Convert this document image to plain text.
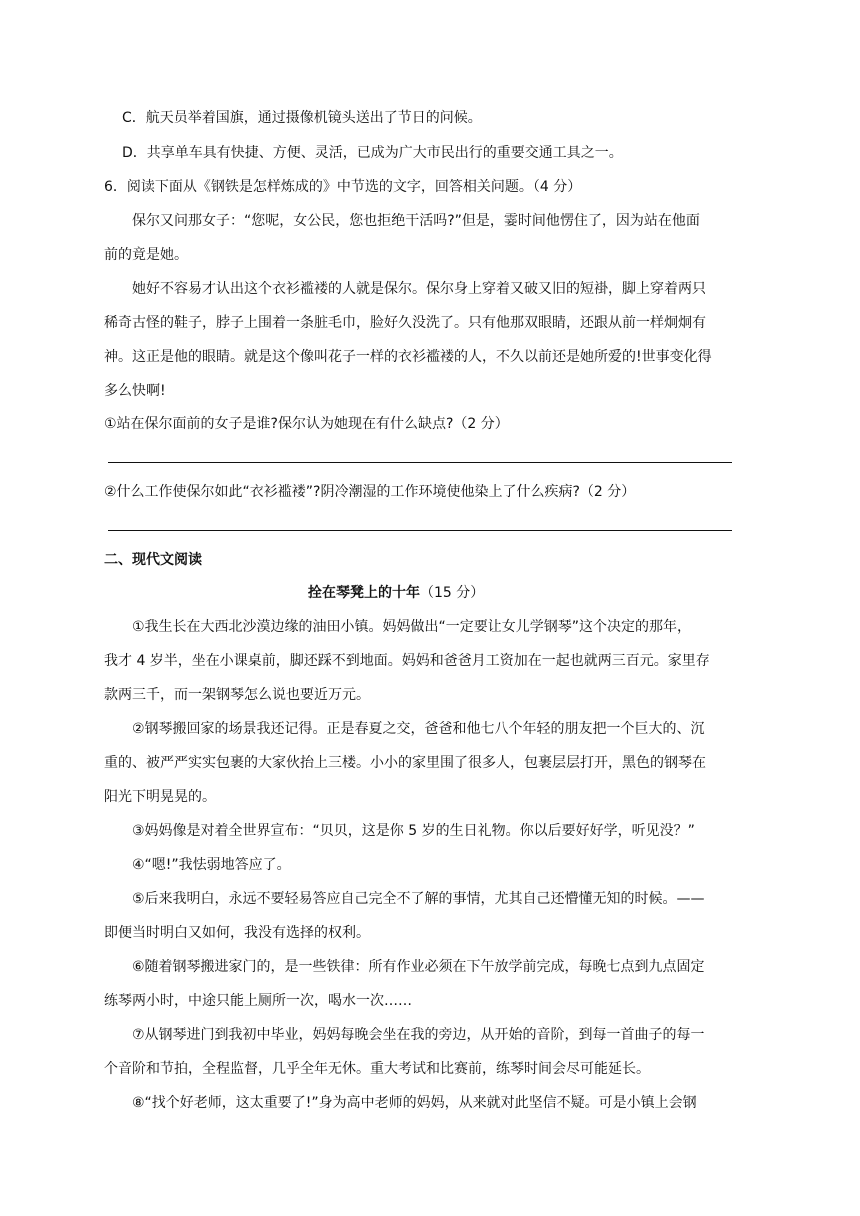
C．航天员举着国旗，通过摄像机镜头送出了节日的问候。
D．共享单车具有快捷、方便、灵活，已成为广大市民出行的重要交通工具之一。
6．阅读下面从《钢铁是怎样炼成的》中节选的文字，回答相关问题。（4 分）
保尔又问那女子：“您呢，女公民，您也拒绝干活吗?”但是，霎时间他愣住了，因为站在他面
前的竟是她。
她好不容易才认出这个衣衫褴褛的人就是保尔。保尔身上穿着又破又旧的短褂，脚上穿着两只
稀奇古怪的鞋子，脖子上围着一条脏毛巾，脸好久没洗了。只有他那双眼睛，还跟从前一样炯炯有
神。这正是他的眼睛。就是这个像叫花子一样的衣衫褴褛的人，不久以前还是她所爱的!世事变化得
多么快啊!
①站在保尔面前的女子是谁?保尔认为她现在有什么缺点?（2 分）
②什么工作使保尔如此“衣衫褴褛”?阴冷潮湿的工作环境使他染上了什么疾病?（2 分）
二、现代文阅读
拴在琴凳上的十年（15 分）
①我生长在大西北沙漠边缘的油田小镇。妈妈做出“一定要让女儿学钢琴”这个决定的那年，
我才 4 岁半，坐在小课桌前，脚还踩不到地面。妈妈和爸爸月工资加在一起也就两三百元。家里存
款两三千，而一架钢琴怎么说也要近万元。
②钢琴搬回家的场景我还记得。正是春夏之交，爸爸和他七八个年轻的朋友把一个巨大的、沉
重的、被严严实实包裹的大家伙抬上三楼。小小的家里围了很多人，包裹层层打开，黑色的钢琴在
阳光下明晃晃的。
③妈妈像是对着全世界宣布：“贝贝，这是你 5 岁的生日礼物。你以后要好好学，听见没？”
④“嗯!”我怯弱地答应了。
⑤后来我明白，永远不要轻易答应自己完全不了解的事情，尤其自己还懵懂无知的时候。——
即便当时明白又如何，我没有选择的权利。
⑥随着钢琴搬进家门的，是一些铁律：所有作业必须在下午放学前完成，每晚七点到九点固定
练琴两小时，中途只能上厕所一次，喝水一次……
⑦从钢琴进门到我初中毕业，妈妈每晚会坐在我的旁边，从开始的音阶，到每一首曲子的每一
个音阶和节拍，全程监督，几乎全年无休。重大考试和比赛前，练琴时间会尽可能延长。
⑧“找个好老师，这太重要了!”身为高中老师的妈妈，从来就对此坚信不疑。可是小镇上会钢
